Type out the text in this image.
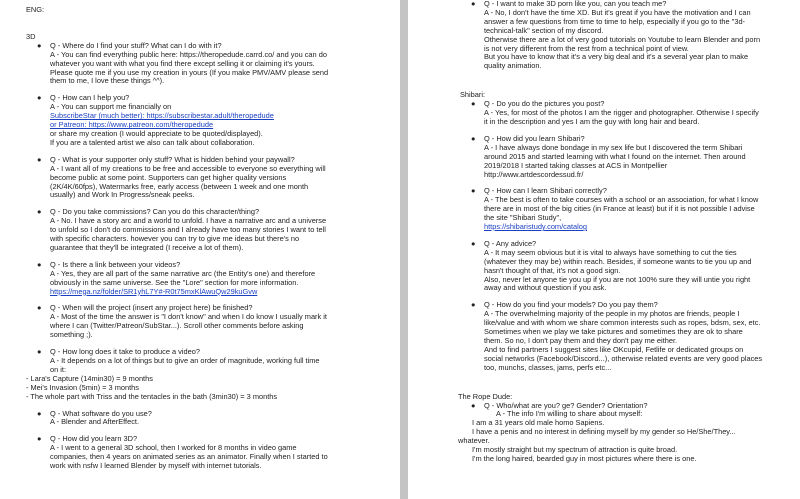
ENG:

3D

● Q - Where do I find your stuff? What can I do with it?

A - You can find everything public here: https://theropedude.carrd.co/ and you can do
whatever you want with what you find there except selling it or claiming it's yours.
Please quote me if you use my creation in yours (If you make PMV/AMV please send
them to me, I love these things ^^).
● Q - How can I help you?

A - You can support me financially on
SubscribeStar (much better): https://subscribestar.adult/theropedude
or Patreon: https://www.patreon.com/theropedude
or share my creation (I would appreciate to be quoted/displayed).
If you are a talented artist we also can talk about collaboration.
● Q - What is your supporter only stuff? What is hidden behind your paywall?

A - I want all of my creations to be free and accessible to everyone so everything will
become public at some point. Supporters can get higher quality versions
(2K/4K/60fps), Watermarks free, early access (between 1 week and one month
usually) and Work In Progress/sneak peeks.
● Q - Do you take commissions? Can you do this character/thing?

A - No. I have a story arc and a world to unfold. I have a narrative arc and a universe
to unfold so I don't do commissions and I already have too many stories I want to tell
with specific characters. however you can try to give me ideas but there's no
guarantee that they'll be integrated (I receive a lot of them).
● Q - Is there a link between your videos?

A - Yes, they are all part of the same narrative arc (the Entity's one) and therefore
obviously in the same universe. See the "Lore" section for more information.
https://mega.nz/folder/SR1yhL7Y#-R0t75mxKlAwuQw29kuGvw
● Q - When will the project (insert any project here) be finished?

A - Most of the time the answer is "I don't know" and when I do know I usually mark it
where I can (Twitter/Patreon/SubStar...). Scroll other comments before asking
something ;).
● Q - How long does it take to produce a video?

A - It depends on a lot of things but to give an order of magnitude, working full time
on it:

- Lara's Capture (14min30) = 9 months

- Mei's Invasion (5min) = 3 months

- The whole part with Triss and the tentacles in the bath (3min30) = 3 months

● Q - What software do you use?

A - Blender and AfterEffect.
● Q - How did you learn 3D?

A - I went to a general 3D school, then I worked for 8 months in video game
companies, then 4 years on animated series as an animator. Finally when I started to
work with nsfw I learned Blender by myself with internet tutorials.
● Q - I want to make 3D porn like you, can you teach me?

A - No, I don't have the time XD. But it's great if you have the motivation and I can
answer a few questions from time to time to help, especially if you go to the "3d-
technical-talk" section of my discord.
Otherwise there are a lot of very good tutorials on Youtube to learn Blender and porn
is not very different from the rest from a technical point of view.
But you have to know that it's a very big deal and it's a several year plan to make
quality animation.

Shibari:

● Q - Do you do the pictures you post?

A - Yes, for most of the photos I am the rigger and photographer. Otherwise I specify
it in the description and yes I am the guy with long hair and beard.
● Q - How did you learn Shibari?

A - I have always done bondage in my sex life but I discovered the term Shibari
around 2015 and started learning with what I found on the internet. Then around
2019/2018 I started taking classes at ACS in Montpellier
http://www.artdescordessud.fr/
● Q - How can I learn Shibari correctly?

A - The best is often to take courses with a school or an association, for what I know
there are in most of the big cities (in France at least) but if it is not possible I advise
the site "Shibari Study",
https://shibaristudy.com/catalog
● Q - Any advice?

A - It may seem obvious but it is vital to always have something to cut the ties
(whatever they may be) within reach. Besides, if someone wants to tie you up and
hasn't thought of that, it's not a good sign.
Also, never let anyone tie you up if you are not 100% sure they will untie you right
away and without question if you ask.
● Q - How do you find your models? Do you pay them?

A - The overwhelming majority of the people in my photos are friends, people I
like/value and with whom we share common interests such as ropes, bdsm, sex, etc.
Sometimes when we play we take pictures and sometimes they are ok to share
them. So no, I don't pay them and they don't pay me either.
And to find partners I suggest sites like OKcupid, Fetlife or dedicated groups on
social networks (Facebook/Discord...), otherwise related events are very good places
too, munchs, classes, jams, perfs etc...

The Rope Dude:

● Q - Who/what are you? ge? Gender? Orientation?

A - The info I'm willing to share about myself:

I am a 31 years old male homo Sapiens.

I have a penis and no interest in defining myself by my gender so He/She/They...

whatever.

I'm mostly straight but my spectrum of attraction is quite broad.

I'm the long haired, bearded guy in most pictures where there is one.
